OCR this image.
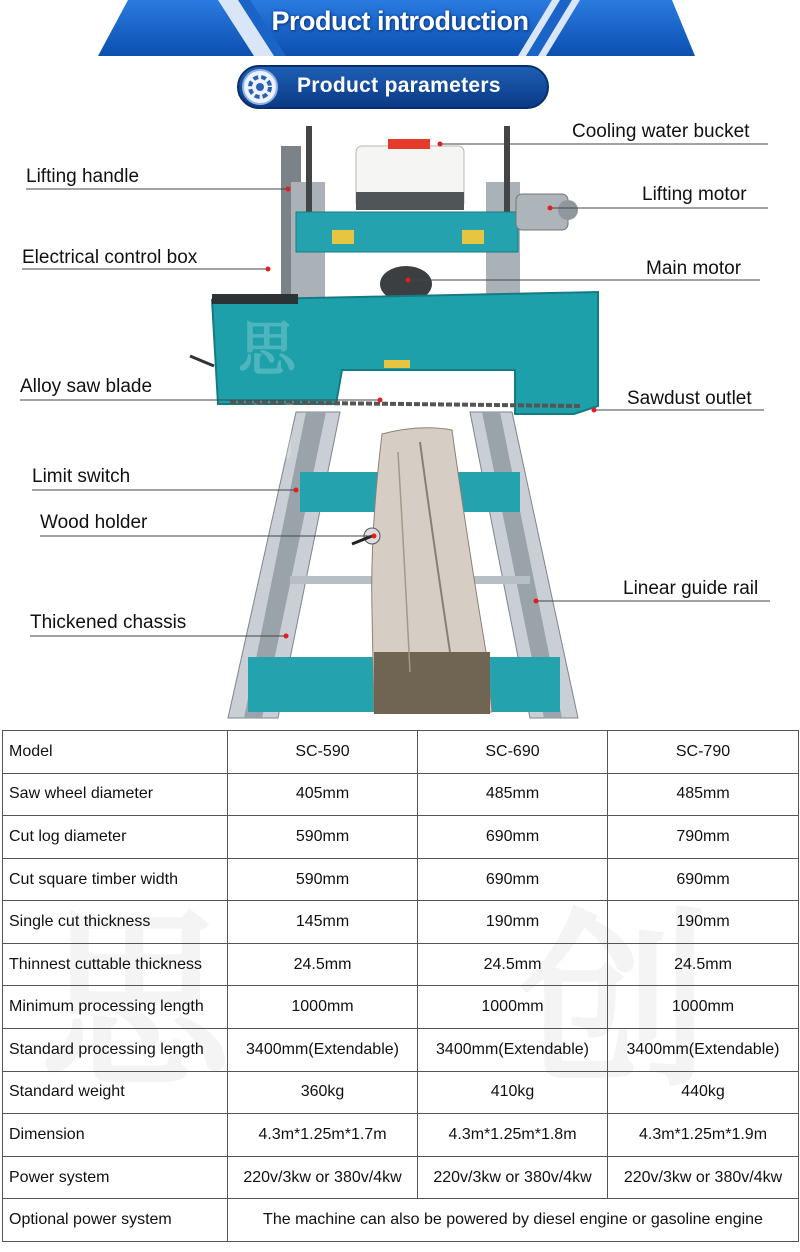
Product introduction
Product parameters
思 创
Cooling water bucket
Lifting handle
Lifting motor
Electrical control box
Main motor
Alloy saw blade
Sawdust outlet
Limit switch
Wood holder
Linear guide rail
Thickened chassis
Model	SC-590	SC-690	SC-790
Saw wheel diameter	405mm	485mm	485mm
Cut log diameter	590mm	690mm	790mm
Cut square timber width	590mm	690mm	690mm
Single cut thickness	145mm	190mm	190mm
Thinnest cuttable thickness	24.5mm	24.5mm	24.5mm
Minimum processing length	1000mm	1000mm	1000mm
Standard processing length	3400mm(Extendable)	3400mm(Extendable)	3400mm(Extendable)
Standard weight	360kg	410kg	440kg
Dimension	4.3m*1.25m*1.7m	4.3m*1.25m*1.8m	4.3m*1.25m*1.9m
Power system	220v/3kw or 380v/4kw	220v/3kw or 380v/4kw	220v/3kw or 380v/4kw
Optional power system	The machine can also be powered by diesel engine or gasoline engine		
